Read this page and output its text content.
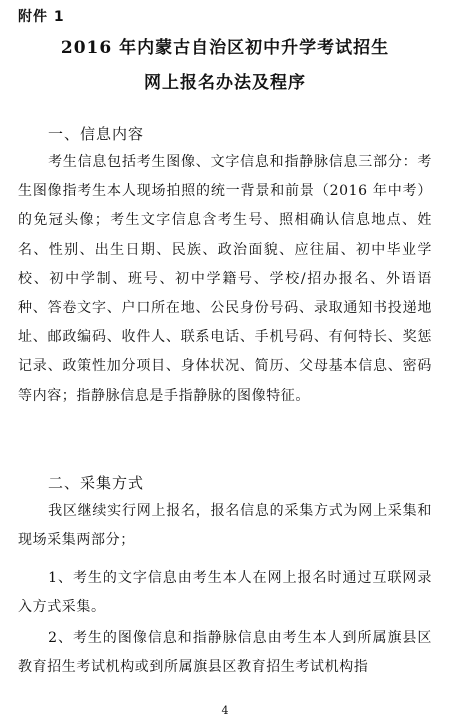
附件 1
2016 年内蒙古自治区初中升学考试招生
网上报名办法及程序
一、信息内容
考生信息包括考生图像、文字信息和指静脉信息三部分：考生图像指考生本人现场拍照的统一背景和前景（2016 年中考）的免冠头像；考生文字信息含考生号、照相确认信息地点、姓名、性别、出生日期、民族、政治面貌、应往届、初中毕业学校、初中学制、班号、初中学籍号、学校/招办报名、外语语种、答卷文字、户口所在地、公民身份号码、录取通知书投递地址、邮政编码、收件人、联系电话、手机号码、有何特长、奖惩记录、政策性加分项目、身体状况、简历、父母基本信息、密码等内容；指静脉信息是手指静脉的图像特征。
二、采集方式
我区继续实行网上报名，报名信息的采集方式为网上采集和现场采集两部分；
1、考生的文字信息由考生本人在网上报名时通过互联网录入方式采集。
2、考生的图像信息和指静脉信息由考生本人到所属旗县区教育招生考试机构或到所属旗县区教育招生考试机构指
4
